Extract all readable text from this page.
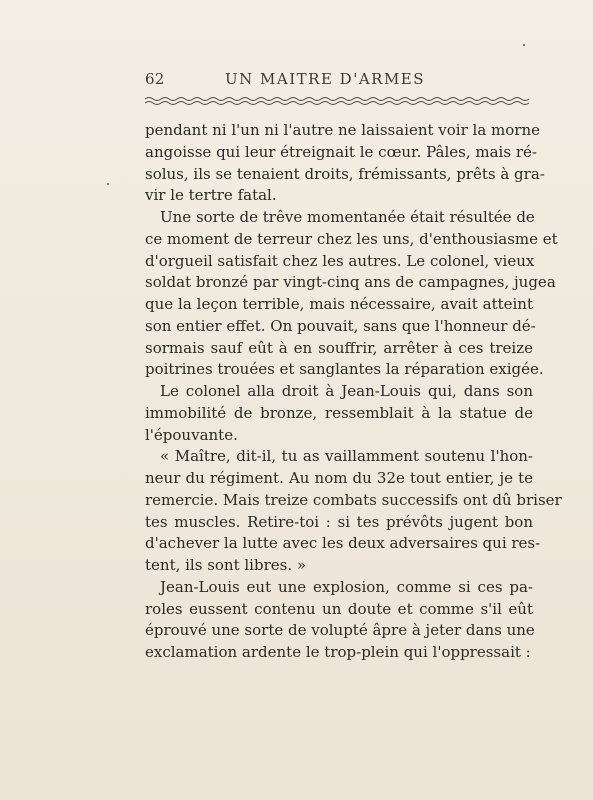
62	UN MAITRE D'ARMES
pendant ni l'un ni l'autre ne laissaient voir la morne
angoisse qui leur étreignait le cœur. Pâles, mais ré-
solus, ils se tenaient droits, frémissants, prêts à gra-
vir le tertre fatal.
Une sorte de trêve momentanée était résultée de
ce moment de terreur chez les uns, d'enthousiasme et
d'orgueil satisfait chez les autres. Le colonel, vieux
soldat bronzé par vingt-cinq ans de campagnes, jugea
que la leçon terrible, mais nécessaire, avait atteint
son entier effet. On pouvait, sans que l'honneur dé-
sormais sauf eût à en souffrir, arrêter à ces treize
poitrines trouées et sanglantes la réparation exigée.
Le colonel alla droit à Jean-Louis qui, dans son
immobilité de bronze, ressemblait à la statue de
l'épouvante.
« Maître, dit-il, tu as vaillamment soutenu l'hon-
neur du régiment. Au nom du 32e tout entier, je te
remercie. Mais treize combats successifs ont dû briser
tes muscles. Retire-toi : si tes prévôts jugent bon
d'achever la lutte avec les deux adversaires qui res-
tent, ils sont libres. »
Jean-Louis eut une explosion, comme si ces pa-
roles eussent contenu un doute et comme s'il eût
éprouvé une sorte de volupté âpre à jeter dans une
exclamation ardente le trop-plein qui l'oppressait :
